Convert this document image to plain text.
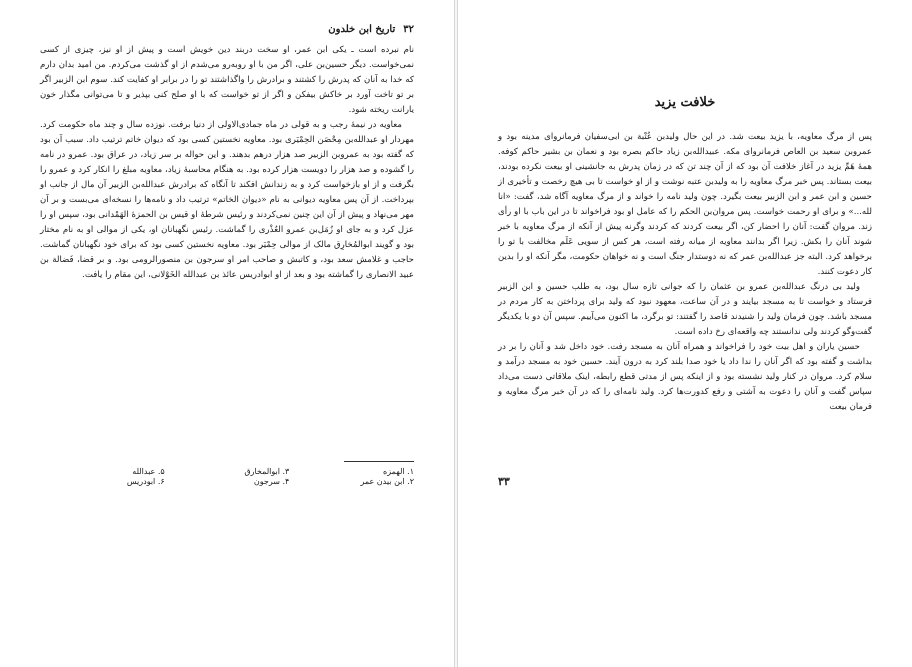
۳۲
تاریخ ابن خلدون

نام نبرده است ـ یکی ابن عمر، او سخت دربند دین خویش است و پیش از او نیز، چیزی از کسی نمی‌خواست. دیگر حسین‌بن علی، اگر من با او روبه‌رو می‌شدم از او گذشت می‌کردم. من امید بدان دارم که خدا به آنان که پدرش را کشتند و برادرش را واگذاشتند تو را در برابر او کفایت کند. سوم ابن الزبیر اگر بر تو تاخت آورد بر خاکش بیفکن و اگر از تو خواست که با او صلح کنی بپذیر و تا می‌توانی مگذار خون یارانت ریخته شود.

معاویه در نیمهٔ رجب و به قولی در ماه جمادی‌الاولی از دنیا برفت. نوزده سال و چند ماه حکومت کرد. مهردار او عبدالله‌بن مِحْصَن الحِمْیَری بود. معاویه نخستین کسی بود که دیوان خاتم ترتیب داد. سبب آن بود که گفته بود به عمروبن الزبیر صد هزار درهم بدهند. و این حواله بر سر زیاد، در عراق بود. عمرو در نامه را گشوده و صد هزار را دویست هزار کرده بود. به هنگام محاسبهٔ زیاد، معاویه مبلغ را انکار کرد و عمرو را بگرفت و از او بازخواست کرد و به زندانش افکند تا آنگاه که برادرش عبدالله‌بن الزبیر آن مال از جانب او بپرداخت. از آن پس معاویه دیوانی به نام «دیوان الخاتم» ترتیب داد و نامه‌ها را نسخه‌ای می‌بست و بر آن مهر می‌نهاد و پیش از آن این چنین نمی‌کردند و رئیس شرطهٔ او قیس بن الحمزهٔ الهَمْدانی بود، سپس او را عزل کرد و به جای او زُمَل‌بن عمرو العُذْری را گماشت. رئیس نگهبانان او، یکی از موالی او به نام مختار بود و گویند ابوالمُخارِق مالک از موالی حِمْیَر بود. معاویه نخستین کسی بود که برای خود نگهبانان گماشت. حاجب و غلامش سعد بود، و کاتبش و صاحب امر او سرجون بن منصورالرومی بود. و بر قضا، فَضالة بن عبید الانصاری را گماشته بود و بعد از او ابوادریس عائذ بن عبدالله الخَوْلانی، این مقام را یافت.

۱. الهمزه
۳. ابوالمخارق
۵. عبدالله
۲. ابن بیدن عمر
۴. سرجون
۶. ابودریس
خلافت یزید

پس از مرگ معاویه، با یزید بیعت شد. در این حال ولیدبن عُتْبة بن ابی‌سفیان فرمانروای مدینه بود و عمروبن سعید بن العاص فرمانروای مکه. عبیدالله‌بن زیاد حاکم بصره بود و نعمان بن بشیر حاکم کوفه. همهٔ هَمِّ یزید در آغاز خلافت آن بود که از آن چند تن که در زمان پدرش به جانشینی او بیعت نکرده بودند، بیعت بستاند. پس خبر مرگ معاویه را به ولیدبن عتبه نوشت و از او خواست تا بی هیچ رخصت و تأخیری از حسین و ابن عمر و ابن الزبیر بیعت بگیرد. چون ولید نامه را خواند و از مرگ معاویه آگاه شد، گفت: «انا لله...» و برای او رحمت خواست. پس مروان‌بن الحکم را که عامل او بود فراخواند تا در این باب با او رأی زند. مروان گفت: آنان را احضار کن، اگر بیعت کردند که کردند وگرنه پیش از آنکه از مرگ معاویه با خبر شوند آنان را بکش. زیرا اگر بدانند معاویه از میانه رفته است، هر کس از سویی عَلَم مخالفت با تو را برخواهد کرد. البته جز عبدالله‌بن عمر که نه دوستدار جنگ است و نه خواهان حکومت، مگر آنکه او را بدین کار دعوت کنند.

ولید بی درنگ عبدالله‌بن عمرو بن عثمان را که جوانی تازه سال بود، به طلب حسین و ابن الزبیر فرستاد و خواست تا به مسجد بیایند و در آن ساعت، معهود نبود که ولید برای پرداختن به کار مردم در مسجد باشد. چون فرمان ولید را شنیدند قاصد را گفتند: تو برگرد، ما اکنون می‌آییم. سپس آن دو با یکدیگر گفت‌وگو کردند ولی ندانستند چه واقعه‌ای رخ داده است.

حسین یاران و اهل بیت خود را فراخواند و همراه آنان به مسجد رفت. خود داخل شد و آنان را بر در بداشت و گفته بود که اگر آنان را ندا داد یا خود صدا بلند کرد به درون آیند. حسین خود به مسجد درآمد و سلام کرد. مروان در کنار ولید نشسته بود و از اینکه پس از مدتی قطع رابطه، اینک ملاقاتی دست می‌داد سپاس گفت و آنان را دعوت به آشتی و رفع کدورت‌ها کرد. ولید نامه‌ای را که در آن خبر مرگ معاویه و فرمان بیعت

۳۳
